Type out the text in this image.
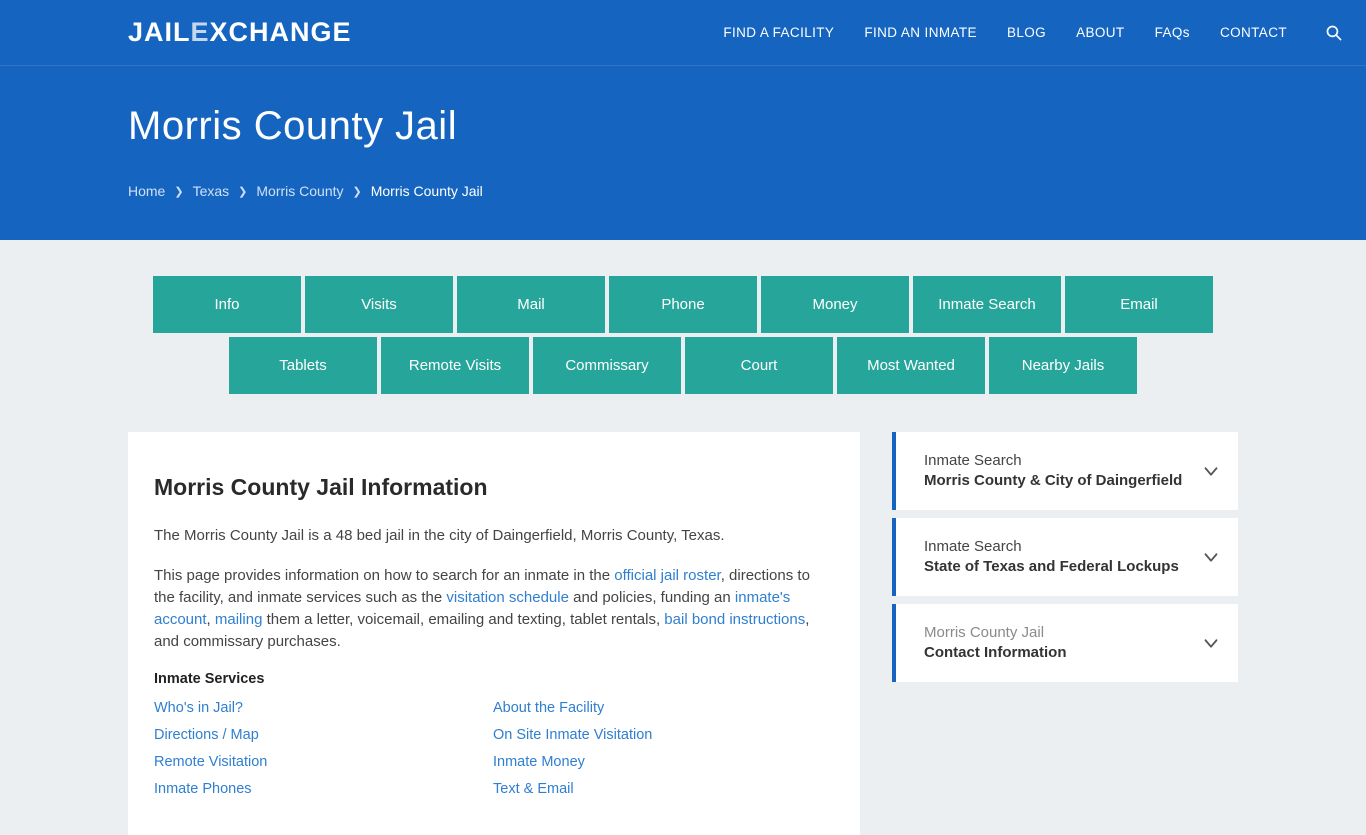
JAILEXCHANGE	FIND A FACILITY FIND AN INMATE BLOG ABOUT FAQs CONTACT
Morris County Jail
Home ❯ Texas ❯ Morris County ❯ Morris County Jail
Info	Visits	Mail	Phone	Money	Inmate Search	Email
Tablets	Remote Visits	Commissary	Court	Most Wanted	Nearby Jails
Morris County Jail Information

The Morris County Jail is a 48 bed jail in the city of Daingerfield, Morris County, Texas.

This page provides information on how to search for an inmate in the official jail roster, directions to the facility, and inmate services such as the visitation schedule and policies, funding an inmate's account, mailing them a letter, voicemail, emailing and texting, tablet rentals, bail bond instructions, and commissary purchases.

Inmate Services
Who's in Jail?
Directions / Map
Remote Visitation
Inmate Phones
About the Facility
On Site Inmate Visitation
Inmate Money
Text & Email
Inmate Search
Morris County & City of Daingerfield
Inmate Search
State of Texas and Federal Lockups
Morris County Jail
Contact Information
